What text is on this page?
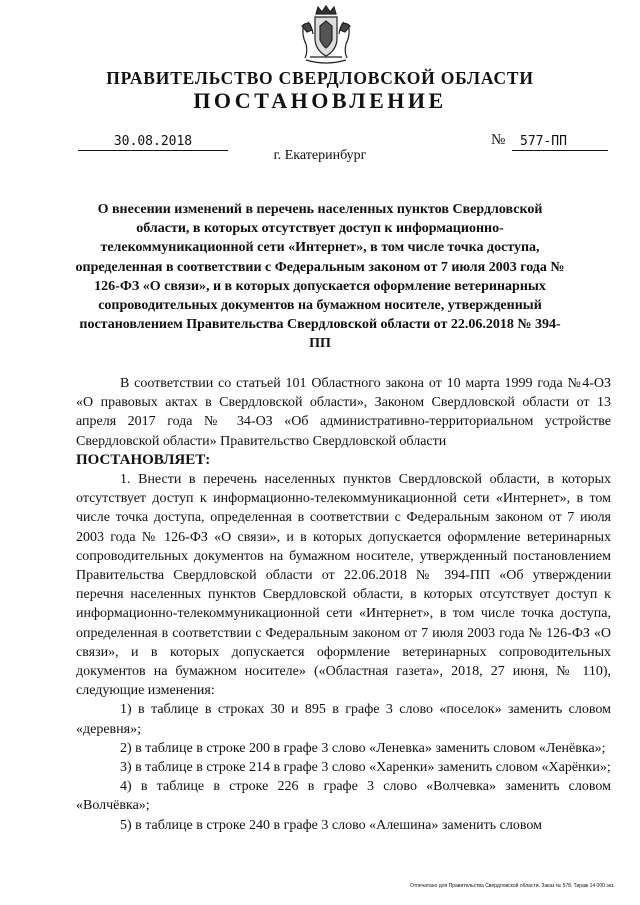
ПРАВИТЕЛЬСТВО СВЕРДЛОВСКОЙ ОБЛАСТИ
ПОСТАНОВЛЕНИЕ
30.08.2018	№	577-ПП
г. Екатеринбург

О внесении изменений в перечень населенных пунктов Свердловской области, в которых отсутствует доступ к информационно-телекоммуникационной сети «Интернет», в том числе точка доступа, определенная в соответствии с Федеральным законом от 7 июля 2003 года № 126-ФЗ «О связи», и в которых допускается оформление ветеринарных сопроводительных документов на бумажном носителе, утвержденный постановлением Правительства Свердловской области от 22.06.2018 № 394-ПП

В соответствии со статьей 101 Областного закона от 10 марта 1999 года №4-ОЗ «О правовых актах в Свердловской области», Законом Свердловской области от 13 апреля 2017 года № 34-ОЗ «Об административно-территориальном устройстве Свердловской области» Правительство Свердловской области

ПОСТАНОВЛЯЕТ:

1. Внести в перечень населенных пунктов Свердловской области, в которых отсутствует доступ к информационно-телекоммуникационной сети «Интернет», в том числе точка доступа, определенная в соответствии с Федеральным законом от 7 июля 2003 года № 126-ФЗ «О связи», и в которых допускается оформление ветеринарных сопроводительных документов на бумажном носителе, утвержденный постановлением Правительства Свердловской области от 22.06.2018 № 394-ПП «Об утверждении перечня населенных пунктов Свердловской области, в которых отсутствует доступ к информационно-телекоммуникационной сети «Интернет», в том числе точка доступа, определенная в соответствии с Федеральным законом от 7 июля 2003 года № 126-ФЗ «О связи», и в которых допускается оформление ветеринарных сопроводительных документов на бумажном носителе» («Областная газета», 2018, 27 июня, № 110), следующие изменения:

1) в таблице в строках 30 и 895 в графе 3 слово «поселок» заменить словом «деревня»;

2) в таблице в строке 200 в графе 3 слово «Леневка» заменить словом «Ленёвка»;

3) в таблице в строке 214 в графе 3 слово «Харенки» заменить словом «Харёнки»;

4) в таблице в строке 226 в графе 3 слово «Волчевка» заменить словом «Волчёвка»;

5) в таблице в строке 240 в графе 3 слово «Алешина» заменить словом

Отпечатано для Правительства Свердловской области. Заказ № 578. Тираж 14 000 экз.
